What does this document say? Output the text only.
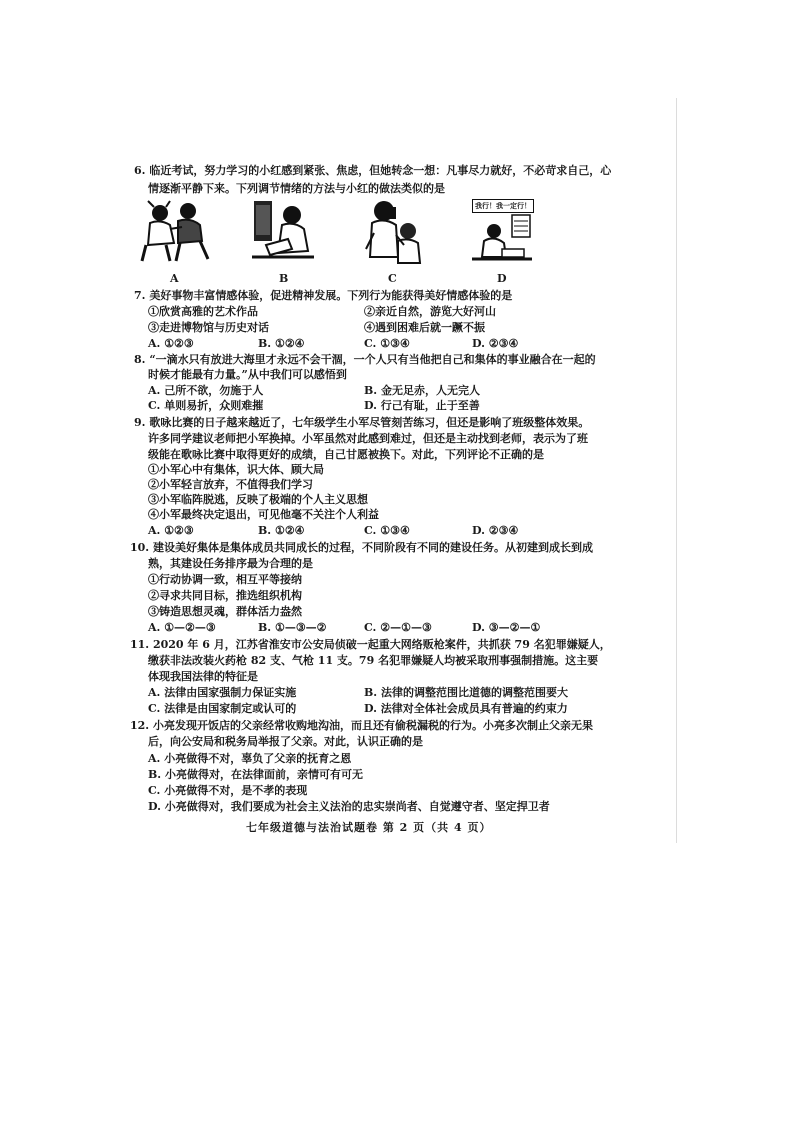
6. 临近考试，努力学习的小红感到紧张、焦虑，但她转念一想：凡事尽力就好，不必苛求自己，心
情逐渐平静下来。下列调节情绪的方法与小红的做法类似的是
A	B	C
我行！我一定行！
D
7. 美好事物丰富情感体验，促进精神发展。下列行为能获得美好情感体验的是
①欣赏高雅的艺术作品	②亲近自然，游览大好河山
③走进博物馆与历史对话	④遇到困难后就一蹶不振
A. ①②③	B. ①②④	C. ①③④	D. ②③④
8. “一滴水只有放进大海里才永远不会干涸，一个人只有当他把自己和集体的事业融合在一起的
时候才能最有力量。”从中我们可以感悟到
A. 己所不欲，勿施于人	B. 金无足赤，人无完人
C. 单则易折，众则难摧	D. 行己有耻，止于至善
9. 歌咏比赛的日子越来越近了，七年级学生小军尽管刻苦练习，但还是影响了班级整体效果。
许多同学建议老师把小军换掉。小军虽然对此感到难过，但还是主动找到老师，表示为了班
级能在歌咏比赛中取得更好的成绩，自己甘愿被换下。对此，下列评论不正确的是
①小军心中有集体，识大体、顾大局
②小军轻言放弃，不值得我们学习
③小军临阵脱逃，反映了极端的个人主义思想
④小军最终决定退出，可见他毫不关注个人利益
A. ①②③	B. ①②④	C. ①③④	D. ②③④
10. 建设美好集体是集体成员共同成长的过程，不同阶段有不同的建设任务。从初建到成长到成
熟，其建设任务排序最为合理的是
①行动协调一致，相互平等接纳
②寻求共同目标，推选组织机构
③铸造思想灵魂，群体活力盎然
A. ①—②—③	B. ①—③—②	C. ②—①—③	D. ③—②—①
11. 2020 年 6 月，江苏省淮安市公安局侦破一起重大网络贩枪案件，共抓获 79 名犯罪嫌疑人，
缴获非法改装火药枪 82 支、气枪 11 支。79 名犯罪嫌疑人均被采取刑事强制措施。这主要
体现我国法律的特征是
A. 法律由国家强制力保证实施	B. 法律的调整范围比道德的调整范围要大
C. 法律是由国家制定或认可的	D. 法律对全体社会成员具有普遍的约束力
12. 小亮发现开饭店的父亲经常收购地沟油，而且还有偷税漏税的行为。小亮多次制止父亲无果
后，向公安局和税务局举报了父亲。对此，认识正确的是
A. 小亮做得不对，辜负了父亲的抚育之恩
B. 小亮做得对，在法律面前，亲情可有可无
C. 小亮做得不对，是不孝的表现
D. 小亮做得对，我们要成为社会主义法治的忠实崇尚者、自觉遵守者、坚定捍卫者
七年级道德与法治试题卷 第 2 页（共 4 页）
